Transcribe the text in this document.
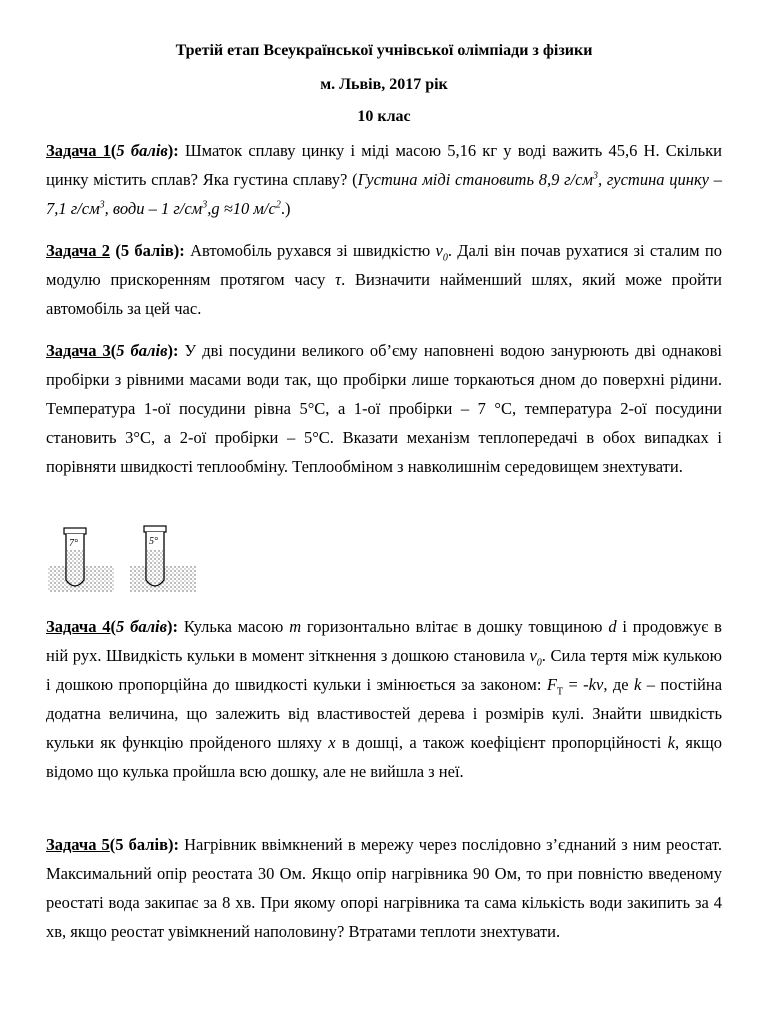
Третій етап Всеукраїнської учнівської олімпіади з фізики
м. Львів, 2017 рік
10 клас
Задача 1(5 балів): Шматок сплаву цинку і міді масою 5,16 кг у воді важить 45,6 Н. Скільки цинку містить сплав? Яка густина сплаву? (Густина міді становить 8,9 $г/см^3$, густина цинку –7,1 $г/см^3$, води – 1 $г/см^3,g \approx 10$ $м/с^2$.)
Задача 2 (5 балів): Автомобіль рухався зі швидкістю $v_0$. Далі він почав рухатися зі сталим по модулю прискоренням протягом часу τ. Визначити найменший шлях, який може пройти автомобіль за цей час.
Задача 3(5 балів): У дві посудини великого об’єму наповнені водою занурюють дві однакові пробірки з рівними масами води так, що пробірки лише торкаються дном до поверхні рідини. Температура 1-ої посудини рівна 5°С, а 1-ої пробірки – 7 °С, температура 2-ої посудини становить 3°С, а 2-ої пробірки – 5°С. Вказати механізм теплопередачі в обох випадках і порівняти швидкості теплообміну. Теплообміном з навколишнім середовищем знехтувати.
7°	5°
Задача 4(5 балів): Кулька масою m горизонтально влітає в дошку товщиною d і продовжує в ній рух. Швидкість кульки в момент зіткнення з дошкою становила $v_0$. Сила тертя між кулькою і дошкою пропорційна до швидкості кульки і змінюється за законом: $F_T = -kv$, де k – постійна додатна величина, що залежить від властивостей дерева і розмірів кулі. Знайти швидкість кульки як функцію пройденого шляху x в дошці, а також коефіцієнт пропорційності k, якщо відомо що кулька пройшла всю дошку, але не вийшла з неї.
Задача 5(5 балів): Нагрівник ввімкнений в мережу через послідовно з’єднаний з ним реостат. Максимальний опір реостата 30 Ом. Якщо опір нагрівника 90 Ом, то при повністю введеному реостаті вода закипає за 8 хв. При якому опорі нагрівника та сама кількість води закипить за 4 хв, якщо реостат увімкнений наполовину? Втратами теплоти знехтувати.
